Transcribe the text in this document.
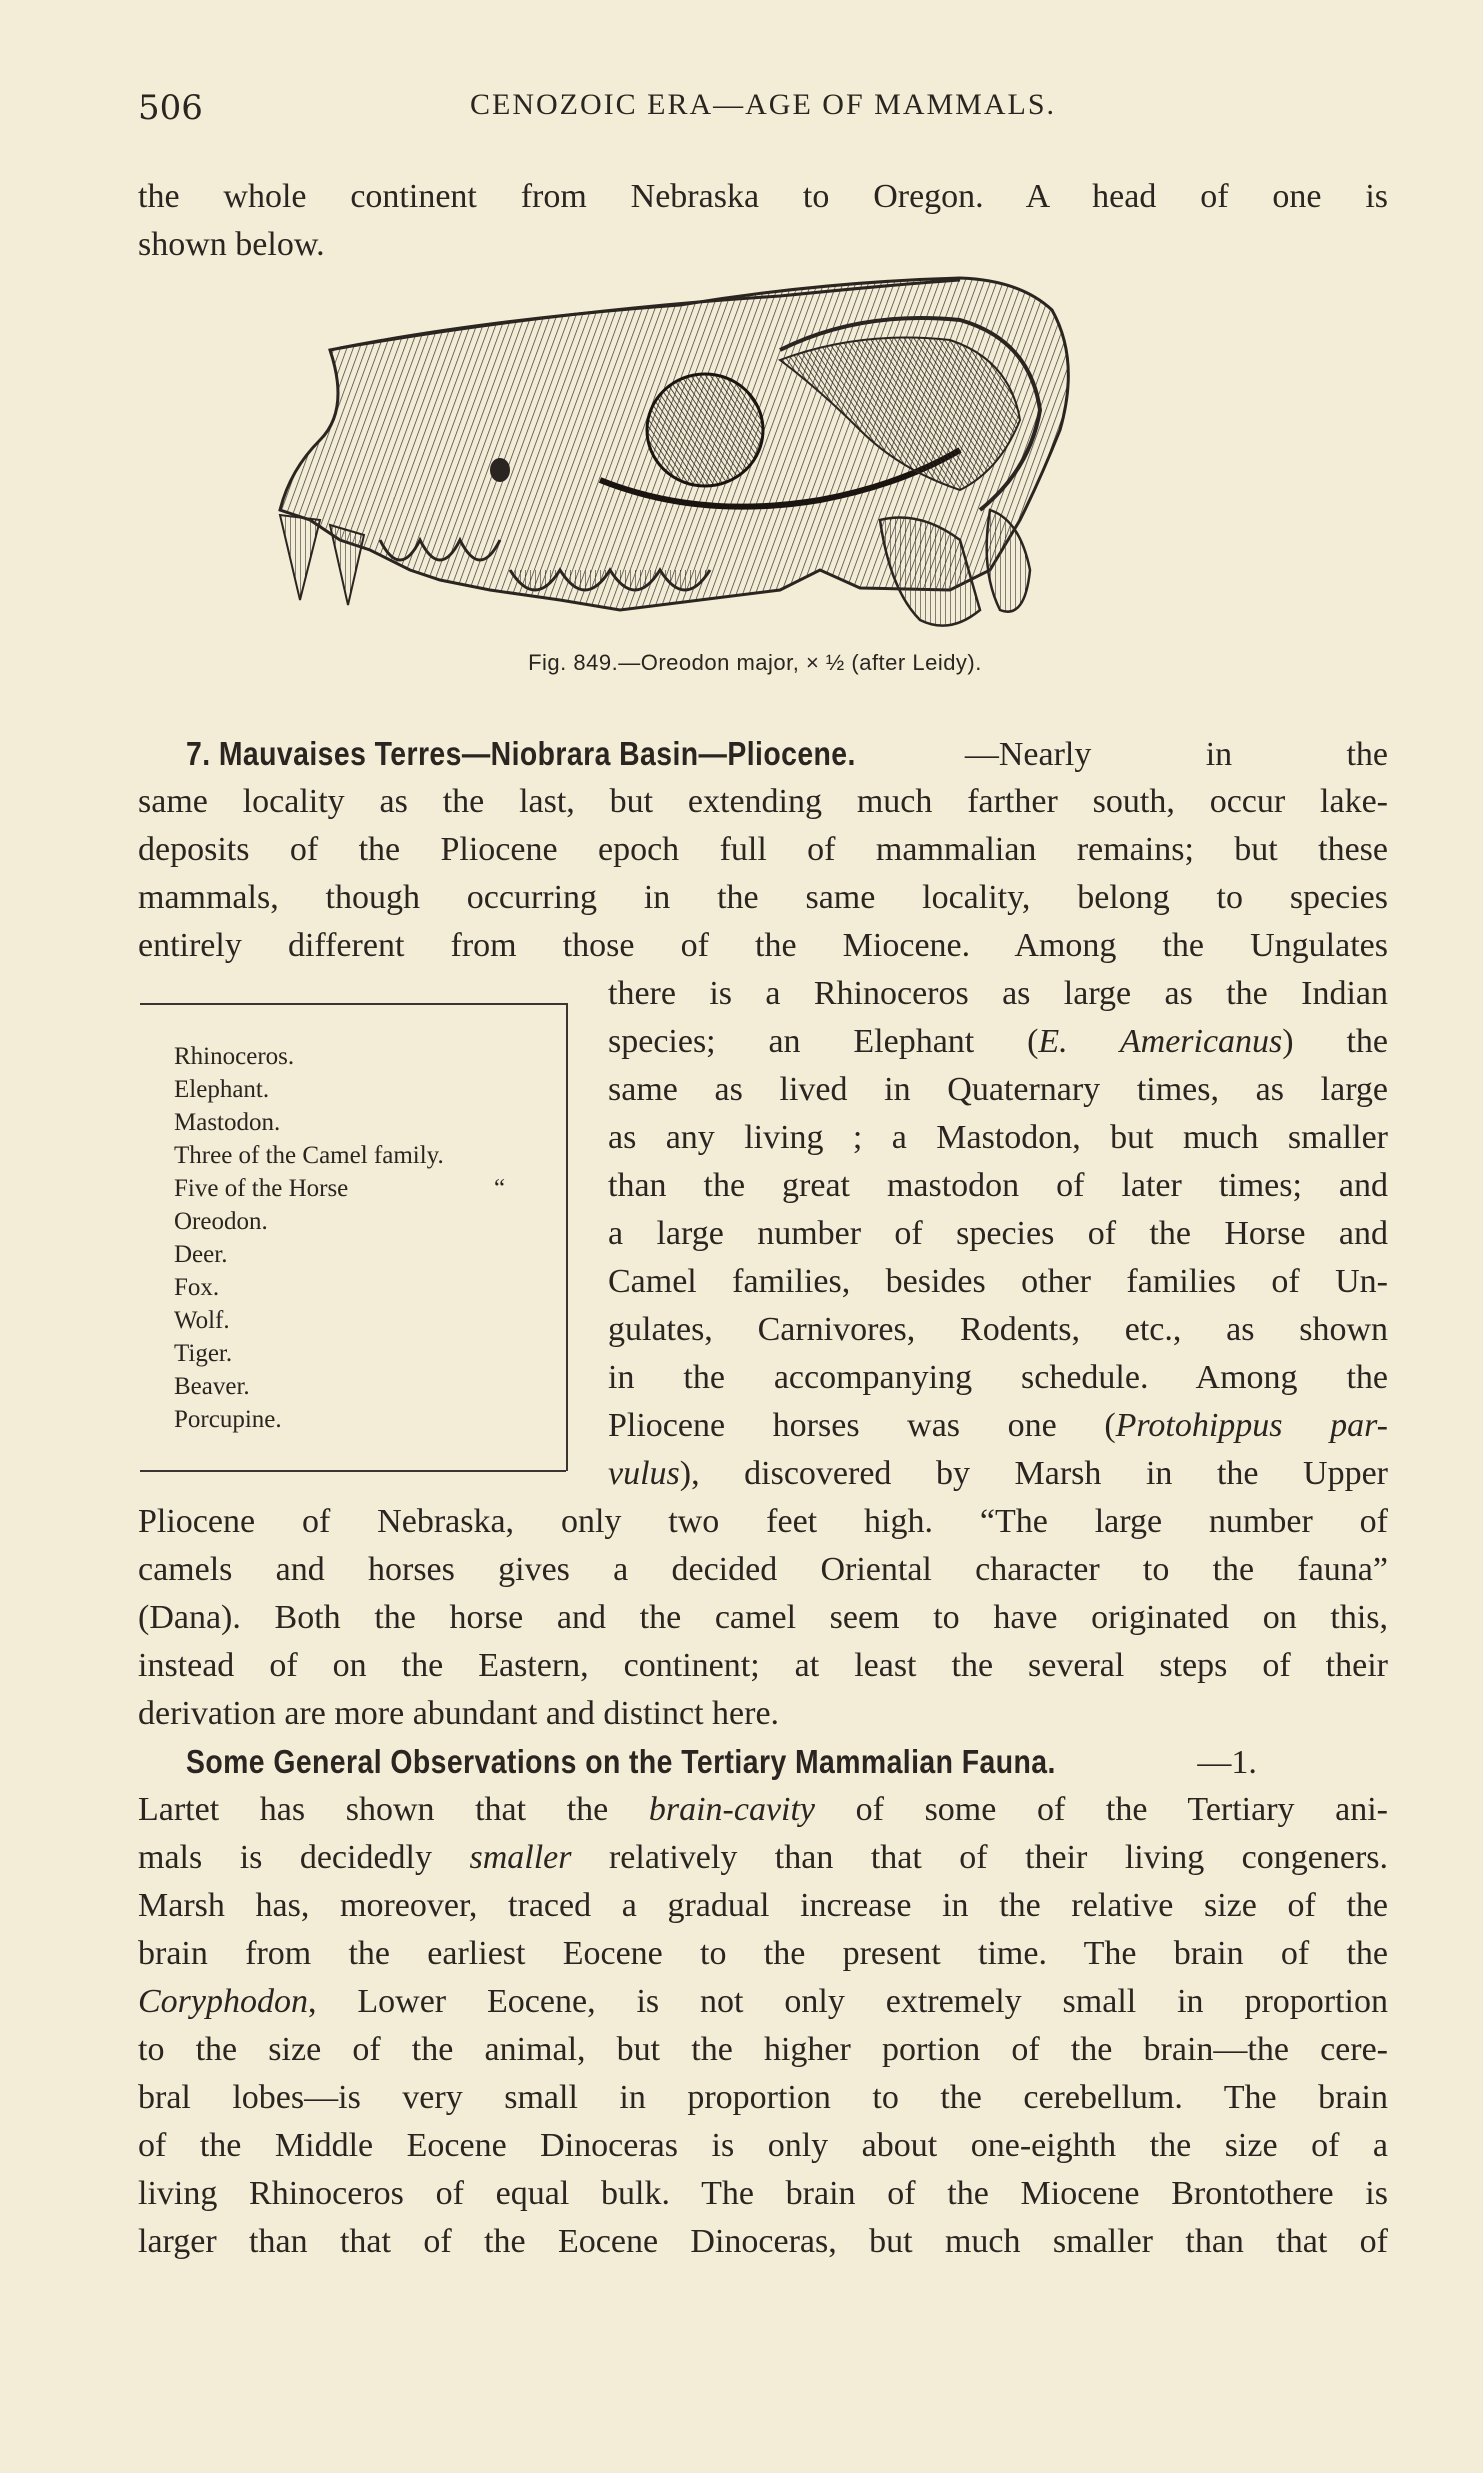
506	CENOZOIC ERA—AGE OF MAMMALS.
the whole continent from Nebraska to Oregon. A head of one is
shown below.
Fig. 849.—Oreodon major, × ½ (after Leidy).
7. Mauvaises Terres—Niobrara Basin—Pliocene.	—Nearly in the
same locality as the last, but extending much farther south, occur lake-
deposits of the Pliocene epoch full of mammalian remains; but these
mammals, though occurring in the same locality, belong to species
entirely different from those of the Miocene. Among the Ungulates
Rhinoceros.
Elephant.
Mastodon.
Three of the Camel family.
Five of the Horse	“
Oreodon.
Deer.
Fox.
Wolf.
Tiger.
Beaver.
Porcupine.
there is a Rhinoceros as large as the Indian
species; an Elephant (E. Americanus) the
same as lived in Quaternary times, as large
as any living ; a Mastodon, but much smaller
than the great mastodon of later times; and
a large number of species of the Horse and
Camel families, besides other families of Un-
gulates, Carnivores, Rodents, etc., as shown
in the accompanying schedule. Among the
Pliocene horses was one (Protohippus par-
vulus), discovered by Marsh in the Upper
Pliocene of Nebraska, only two feet high. “The large number of
camels and horses gives a decided Oriental character to the fauna”
(Dana). Both the horse and the camel seem to have originated on this,
instead of on the Eastern, continent; at least the several steps of their
derivation are more abundant and distinct here.
Some General Observations on the Tertiary Mammalian Fauna.	—1.
Lartet has shown that the brain-cavity of some of the Tertiary ani-
mals is decidedly smaller relatively than that of their living congeners.
Marsh has, moreover, traced a gradual increase in the relative size of the
brain from the earliest Eocene to the present time. The brain of the
Coryphodon, Lower Eocene, is not only extremely small in proportion
to the size of the animal, but the higher portion of the brain—the cere-
bral lobes—is very small in proportion to the cerebellum. The brain
of the Middle Eocene Dinoceras is only about one-eighth the size of a
living Rhinoceros of equal bulk. The brain of the Miocene Brontothere is
larger than that of the Eocene Dinoceras, but much smaller than that of
